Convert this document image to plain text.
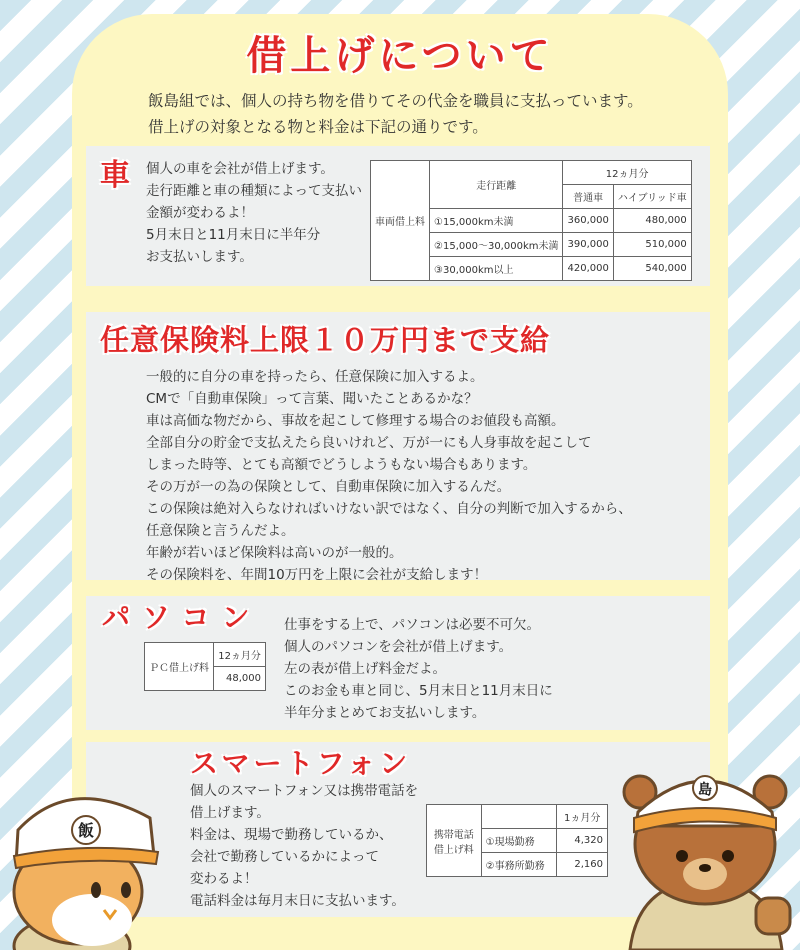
借上げについて
飯島組では、個人の持ち物を借りてその代金を職員に支払っています。
借上げの対象となる物と料金は下記の通りです。
車 個人の車を会社が借上げます。
走行距離と車の種類によって支払い
金額が変わるよ！
5月末日と11月末日に半年分
お支払いします。
車両借上料	走行距離	12ヵ月分	
		普通車	ハイブリッド車
	①15,000km未満	360,000	480,000
	②15,000〜30,000km未満	390,000	510,000
	③30,000km以上	420,000	540,000
任意保険料上限１０万円まで支給
一般的に自分の車を持ったら、任意保険に加入するよ。
CMで「自動車保険」って言葉、聞いたことあるかな？
車は高価な物だから、事故を起こして修理する場合のお値段も高額。
全部自分の貯金で支払えたら良いけれど、万が一にも人身事故を起こして
しまった時等、とても高額でどうしようもない場合もあります。
その万が一の為の保険として、自動車保険に加入するんだ。
この保険は絶対入らなければいけない訳ではなく、自分の判断で加入するから、
任意保険と言うんだよ。
年齢が若いほど保険料は高いのが一般的。
その保険料を、年間10万円を上限に会社が支給します！
パソコン
ＰＣ借上げ料	12ヵ月分
48,000
仕事をする上で、パソコンは必要不可欠。
個人のパソコンを会社が借上げます。
左の表が借上げ料金だよ。
このお金も車と同じ、5月末日と11月末日に
半年分まとめてお支払いします。
スマートフォン
個人のスマートフォン又は携帯電話を
借上げます。
料金は、現場で勤務しているか、
会社で勤務しているかによって
変わるよ！
電話料金は毎月末日に支払います。
携帯電話
借上げ料		1ヵ月分
	①現場勤務	4,320
	②事務所勤務	2,160
飯
島
